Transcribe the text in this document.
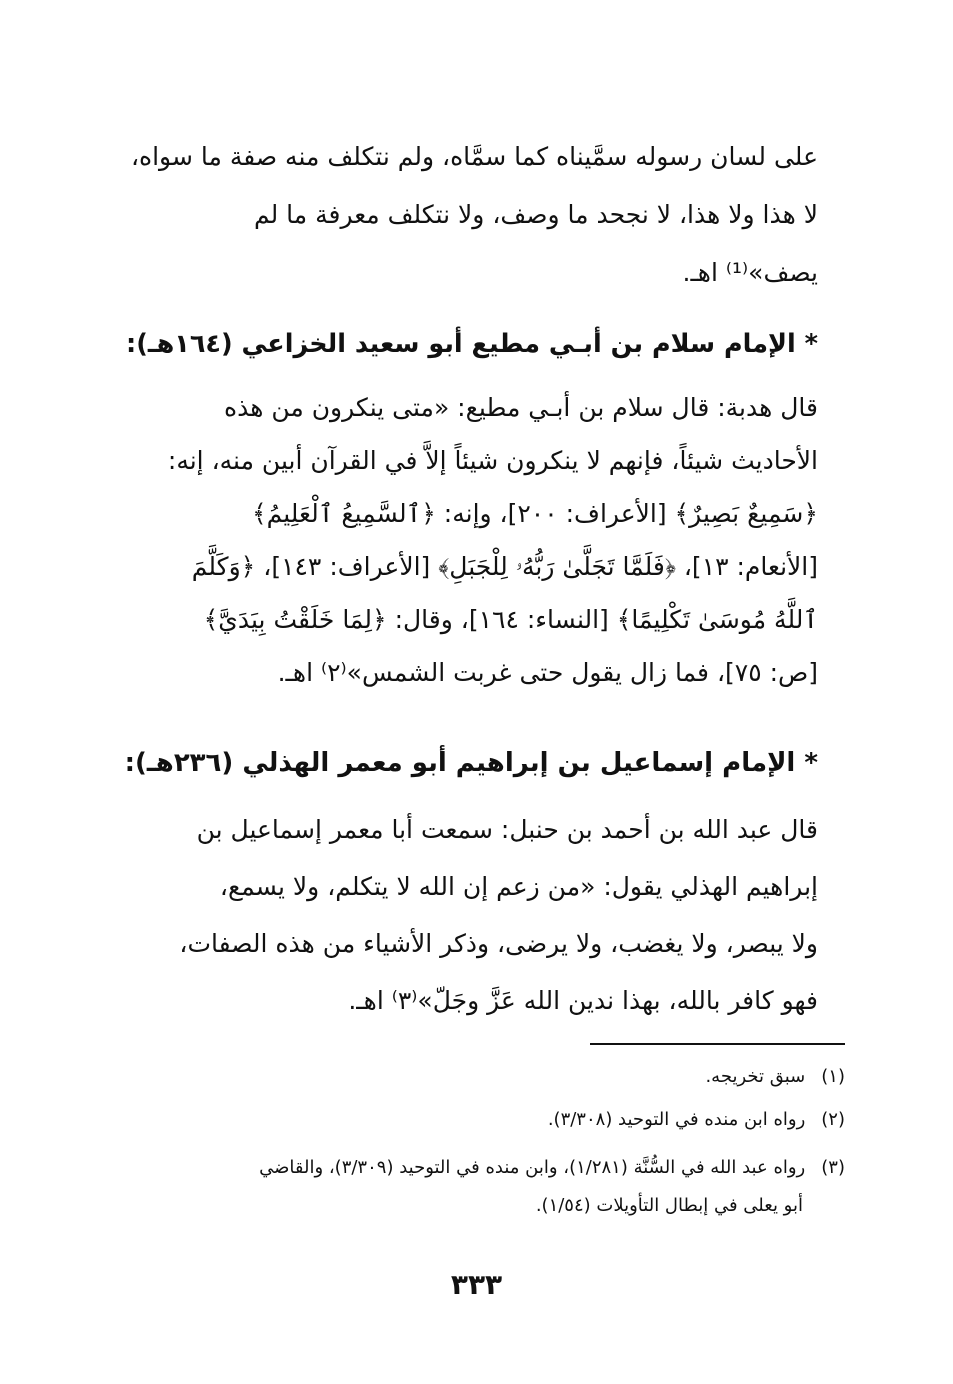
على لسان رسوله سمَّيناه كما سمَّاه، ولم نتكلف منه صفة ما سواه،
لا هذا ولا هذا، لا نجحد ما وصف، ولا نتكلف معرفة ما لم
يصف»⁽¹⁾ اهـ.
* الإمام سلام بن أبـي مطيع أبو سعيد الخزاعي (١٦٤هـ):
قال هدبة: قال سلام بن أبـي مطيع: «متى ينكرون من هذه
الأحاديث شيئاً، فإنهم لا ينكرون شيئاً إلاَّ في القرآن أبين منه، إنه:
﴿سَمِيعٌ بَصِيرٌ﴾ [الأعراف: ٢٠٠]، وإنه: ﴿ٱلسَّمِيعُ ٱلْعَلِيمُ﴾
[الأنعام: ١٣]، ﴿فَلَمَّا تَجَلَّىٰ رَبُّهُۥ لِلْجَبَلِ﴾ [الأعراف: ١٤٣]، ﴿وَكَلَّمَ
ٱللَّهُ مُوسَىٰ تَكْلِيمًا﴾ [النساء: ١٦٤]، وقال: ﴿لِمَا خَلَقْتُ بِيَدَيَّ﴾
[ص: ٧٥]، فما زال يقول حتى غربت الشمس»⁽٢⁾ اهـ.
* الإمام إسماعيل بن إبراهيم أبو معمر الهذلي (٢٣٦هـ):
قال عبد الله بن أحمد بن حنبل: سمعت أبا معمر إسماعيل بن
إبراهيم الهذلي يقول: «من زعم إن الله لا يتكلم، ولا يسمع،
ولا يبصر، ولا يغضب، ولا يرضى، وذكر الأشياء من هذه الصفات،
فهو كافر بالله، بهذا ندين الله عَزَّ وجَلّ»⁽٣⁾ اهـ.
(١) سبق تخريجه.
(٢) رواه ابن منده في التوحيد (٣/٣٠٨).
(٣) رواه عبد الله في السُّنَّة (١/٢٨١)، وابن منده في التوحيد (٣/٣٠٩)، والقاضي
أبو يعلى في إبطال التأويلات (١/٥٤).
٣٣٣
